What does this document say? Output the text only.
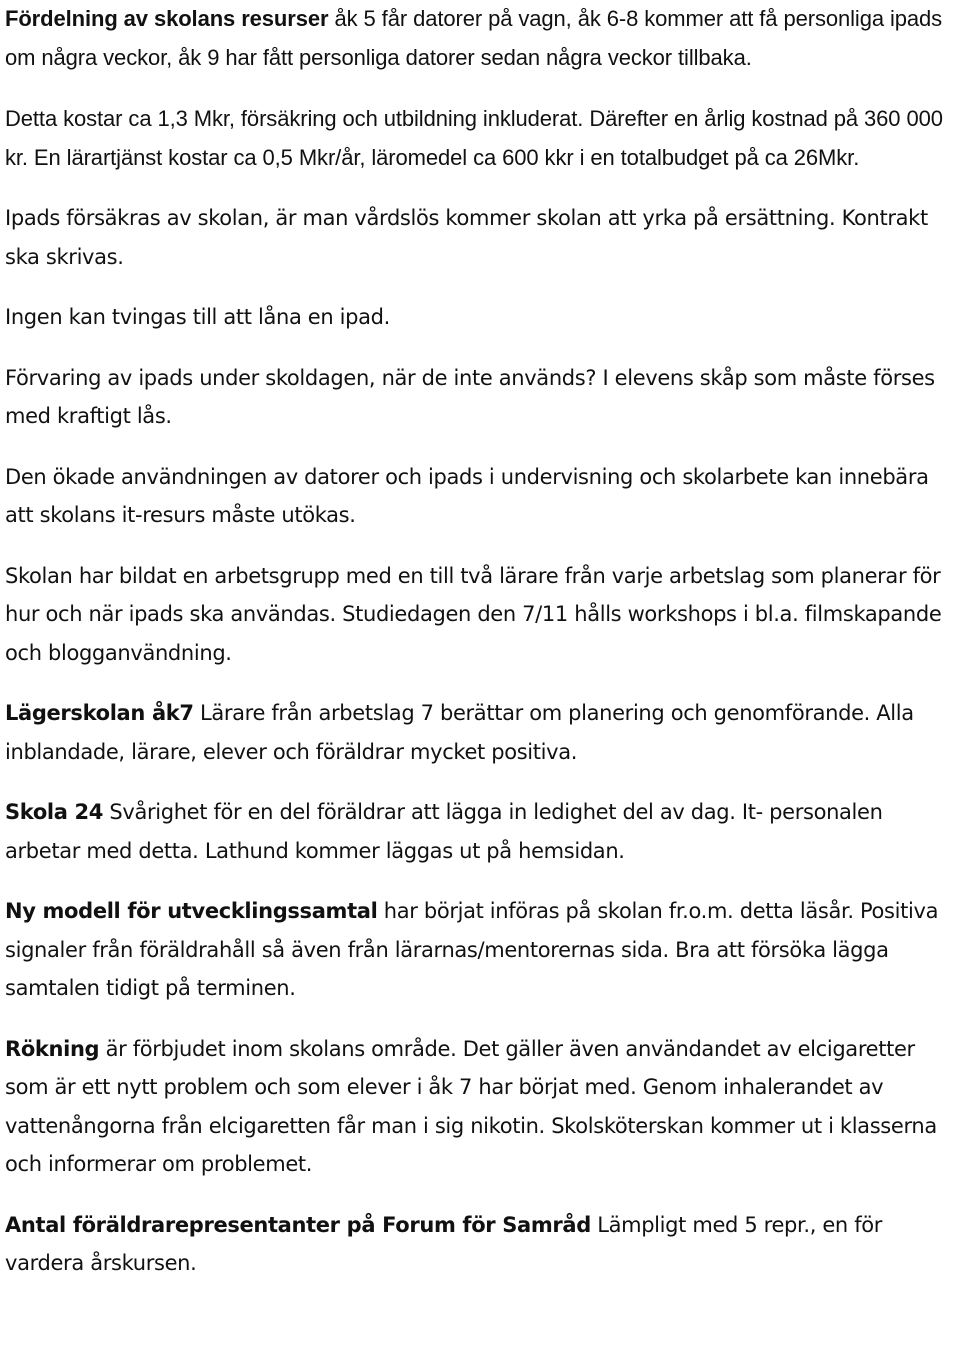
Fördelning av skolans resurser åk 5 får datorer på vagn, åk 6-8 kommer att få personliga ipads om några veckor, åk 9 har fått personliga datorer sedan några veckor tillbaka.

Detta kostar ca 1,3 Mkr, försäkring och utbildning inkluderat. Därefter en årlig kostnad på 360 000 kr. En lärartjänst kostar ca 0,5 Mkr/år, läromedel ca 600 kkr i en totalbudget på ca 26Mkr.

Ipads försäkras av skolan, är man vårdslös kommer skolan att yrka på ersättning. Kontrakt ska skrivas.

Ingen kan tvingas till att låna en ipad.

Förvaring av ipads under skoldagen, när de inte används? I elevens skåp som måste förses med kraftigt lås.

Den ökade användningen av datorer och ipads i undervisning och skolarbete kan innebära att skolans it-resurs måste utökas.

Skolan har bildat en arbetsgrupp med en till två lärare från varje arbetslag som planerar för hur och när ipads ska användas. Studiedagen den 7/11 hålls workshops i bl.a. filmskapande och blogganvändning.

Lägerskolan åk7 Lärare från arbetslag 7 berättar om planering och genomförande. Alla inblandade, lärare, elever och föräldrar mycket positiva.

Skola 24 Svårighet för en del föräldrar att lägga in ledighet del av dag. It- personalen arbetar med detta. Lathund kommer läggas ut på hemsidan.

Ny modell för utvecklingssamtal har börjat införas på skolan fr.o.m. detta läsår. Positiva signaler från föräldrahåll så även från lärarnas/mentorernas sida. Bra att försöka lägga samtalen tidigt på terminen.

Rökning är förbjudet inom skolans område. Det gäller även användandet av elcigaretter som är ett nytt problem och som elever i åk 7 har börjat med. Genom inhalerandet av vattenångorna från elcigaretten får man i sig nikotin. Skolsköterskan kommer ut i klasserna och informerar om problemet.

Antal föräldrarepresentanter på Forum för Samråd Lämpligt med 5 repr., en för vardera årskursen.
